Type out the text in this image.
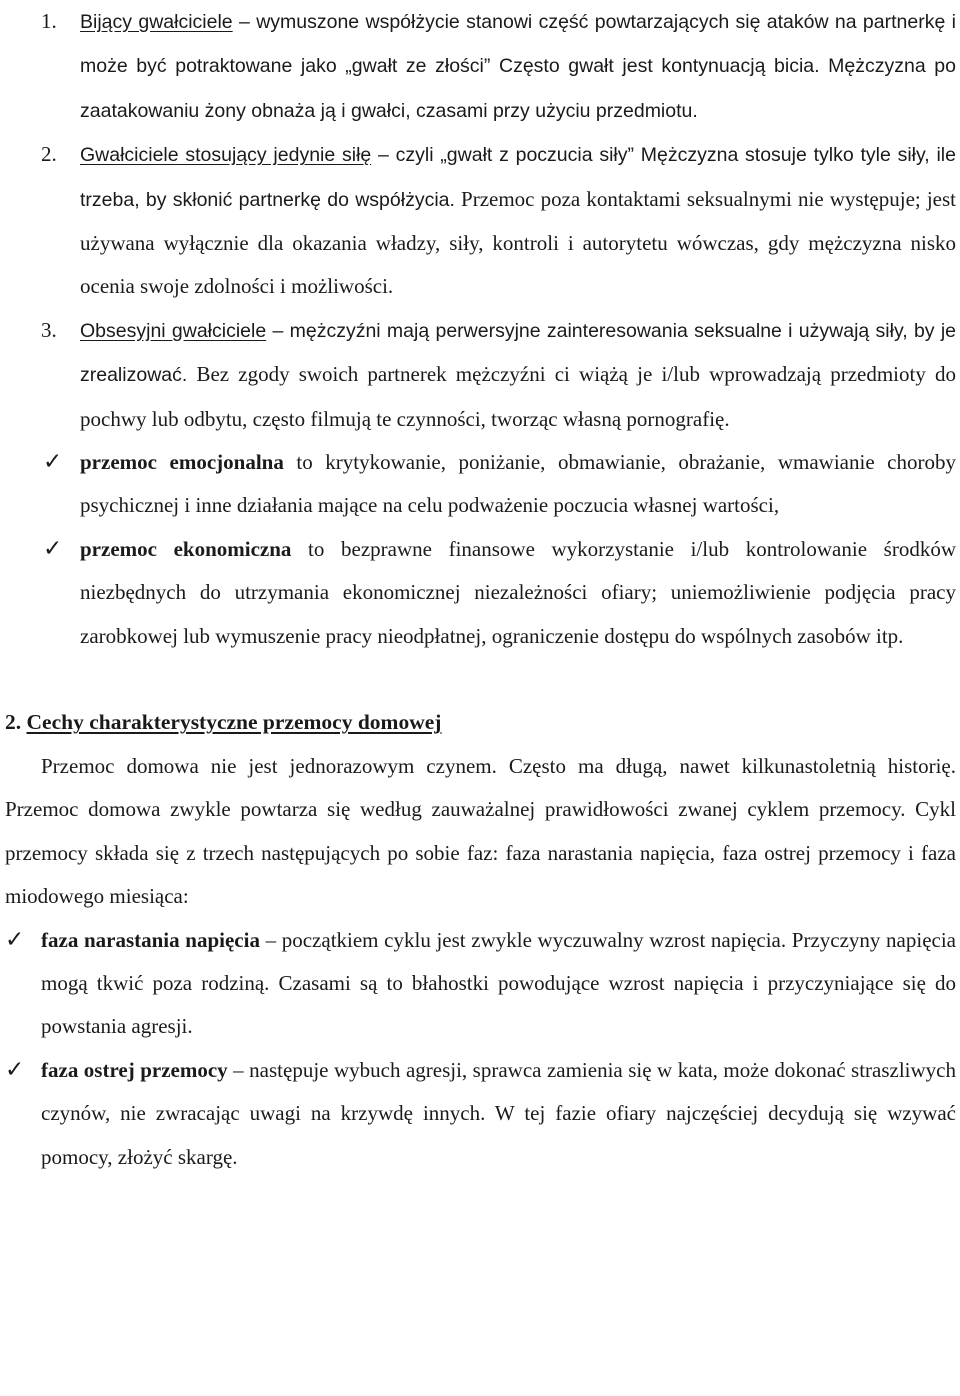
1. Bijący gwałciciele – wymuszone współżycie stanowi część powtarzających się ataków na partnerkę i może być potraktowane jako „gwałt ze złości” Często gwałt jest kontynuacją bicia. Mężczyzna po zaatakowaniu żony obnaża ją i gwałci, czasami przy użyciu przedmiotu.

2. Gwałciciele stosujący jedynie siłę – czyli „gwałt z poczucia siły” Mężczyzna stosuje tylko tyle siły, ile trzeba, by skłonić partnerkę do współżycia. Przemoc poza kontaktami seksualnymi nie występuje; jest używana wyłącznie dla okazania władzy, siły, kontroli i autorytetu wówczas, gdy mężczyzna nisko ocenia swoje zdolności i możliwości.

3. Obsesyjni gwałciciele – mężczyźni mają perwersyjne zainteresowania seksualne i używają siły, by je zrealizować. Bez zgody swoich partnerek mężczyźni ci wiążą je i/lub wprowadzają przedmioty do pochwy lub odbytu, często filmują te czynności, tworząc własną pornografię.

✓ przemoc emocjonalna to krytykowanie, poniżanie, obmawianie, obrażanie, wmawianie choroby psychicznej i inne działania mające na celu podważenie poczucia własnej wartości,

✓ przemoc ekonomiczna to bezprawne finansowe wykorzystanie i/lub kontrolowanie środków niezbędnych do utrzymania ekonomicznej niezależności ofiary; uniemożliwienie podjęcia pracy zarobkowej lub wymuszenie pracy nieodpłatnej, ograniczenie dostępu do wspólnych zasobów itp.

2. Cechy charakterystyczne przemocy domowej

Przemoc domowa nie jest jednorazowym czynem. Często ma długą, nawet kilkunastoletnią historię. Przemoc domowa zwykle powtarza się według zauważalnej prawidłowości zwanej cyklem przemocy. Cykl przemocy składa się z trzech następujących po sobie faz: faza narastania napięcia, faza ostrej przemocy i faza miodowego miesiąca:

✓ faza narastania napięcia – początkiem cyklu jest zwykle wyczuwalny wzrost napięcia. Przyczyny napięcia mogą tkwić poza rodziną. Czasami są to błahostki powodujące wzrost napięcia i przyczyniające się do powstania agresji.

✓ faza ostrej przemocy – następuje wybuch agresji, sprawca zamienia się w kata, może dokonać straszliwych czynów, nie zwracając uwagi na krzywdę innych. W tej fazie ofiary najczęściej decydują się wzywać pomocy, złożyć skargę.
